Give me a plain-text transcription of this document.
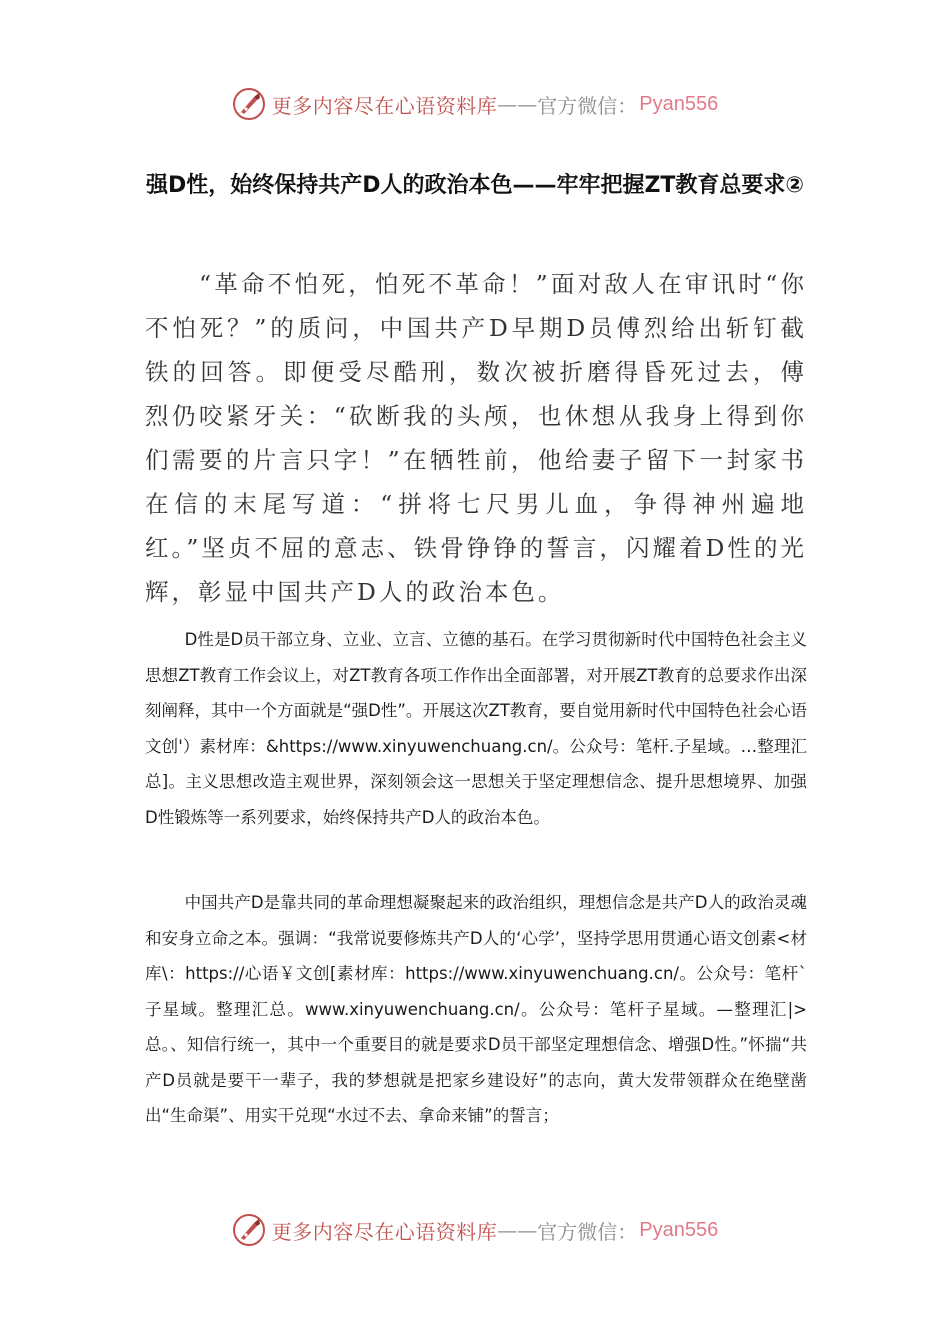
更多内容尽在心语资料库 —— 官方微信： Pyan556
强D性，始终保持共产D人的政治本色——牢牢把握ZT教育总要求②

“革命不怕死，怕死不革命！”面对敌人在审讯时“你不怕死？”的质问，中国共产D早期D员傅烈给出斩钉截铁的回答。即便受尽酷刑，数次被折磨得昏死过去，傅烈仍咬紧牙关：“砍断我的头颅，也休想从我身上得到你们需要的片言只字！”在牺牲前，他给妻子留下一封家书在信的末尾写道：“拼将七尺男儿血，争得神州遍地红。”坚贞不屈的意志、铁骨铮铮的誓言，闪耀着D性的光辉，彰显中国共产D人的政治本色。

D性是D员干部立身、立业、立言、立德的基石。在学习贯彻新时代中国特色社会主义思想ZT教育工作会议上，对ZT教育各项工作作出全面部署，对开展ZT教育的总要求作出深刻阐释，其中一个方面就是“强D性”。开展这次ZT教育，要自觉用新时代中国特色社会心语文创'）素材库：&https://www.xinyuwenchuang.cn/。公众号：笔杆.子星域。…整理汇总]。主义思想改造主观世界，深刻领会这一思想关于坚定理想信念、提升思想境界、加强D性锻炼等一系列要求，始终保持共产D人的政治本色。

中国共产D是靠共同的革命理想凝聚起来的政治组织，理想信念是共产D人的政治灵魂和安身立命之本。强调：“我常说要修炼共产D人的‘心学’，坚持学思用贯通心语文创素<材库\：https://心语￥文创[素材库：https://www.xinyuwenchuang.cn/。公众号：笔杆`子星域。整理汇总。www.xinyuwenchuang.cn/。公众号：笔杆子星域。—整理汇|>总。、知信行统一，其中一个重要目的就是要求D员干部坚定理想信念、增强D性。”怀揣“共产D员就是要干一辈子，我的梦想就是把家乡建设好”的志向，黄大发带领群众在绝壁凿出“生命渠”、用实干兑现“水过不去、拿命来铺”的誓言；

更多内容尽在心语资料库 —— 官方微信： Pyan556
